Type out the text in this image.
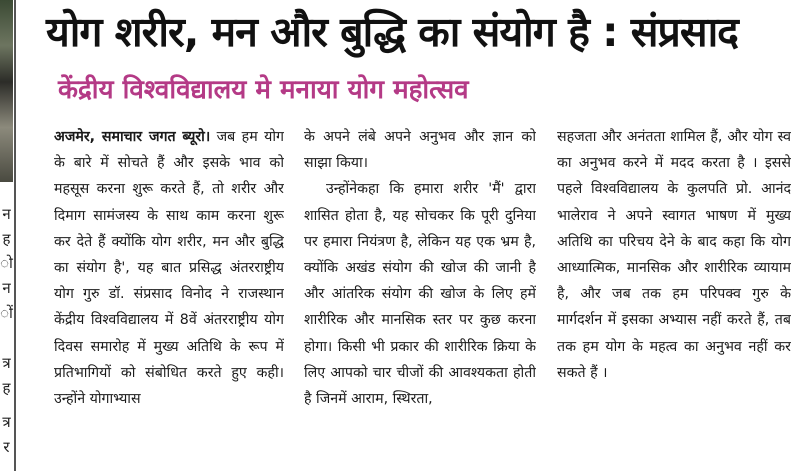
न
ह
ो
न
ों
त्र
ह
त्र
र
योग शरीर, मन और बुद्धि का संयोग है : संप्रसाद
केंद्रीय विश्वविद्यालय मे मनाया योग महोत्सव

अजमेर, समाचार जगत ब्यूरो। जब हम योग के बारे में सोचते हैं और इसके भाव को महसूस करना शुरू करते हैं, तो शरीर और दिमाग सामंजस्य के साथ काम करना शुरू कर देते हैं क्योंकि योग शरीर, मन और बुद्धि का संयोग है', यह बात प्रसिद्ध अंतरराष्ट्रीय योग गुरु डॉ. संप्रसाद विनोद ने राजस्थान केंद्रीय विश्वविद्यालय में 8वें अंतरराष्ट्रीय योग दिवस समारोह में मुख्य अतिथि के रूप में प्रतिभागियों को संबोधित करते हुए कही। उन्होंने योगाभ्यास

के अपने लंबे अपने अनुभव और ज्ञान को साझा किया।

उन्होंनेकहा कि हमारा शरीर 'मैं' द्वारा शासित होता है, यह सोचकर कि पूरी दुनिया पर हमारा नियंत्रण है, लेकिन यह एक भ्रम है, क्योंकि अखंड संयोग की खोज की जानी है और आंतरिक संयोग की खोज के लिए हमें शारीरिक और मानसिक स्तर पर कुछ करना होगा। किसी भी प्रकार की शारीरिक क्रिया के लिए आपको चार चीजों की आवश्यकता होती है जिनमें आराम, स्थिरता,

सहजता और अनंतता शामिल हैं, और योग स्व का अनुभव करने में मदद करता है । इससे पहले विश्वविद्यालय के कुलपति प्रो. आनंद भालेराव ने अपने स्वागत भाषण में मुख्य अतिथि का परिचय देने के बाद कहा कि योग आध्यात्मिक, मानसिक और शारीरिक व्यायाम है, और जब तक हम परिपक्व गुरु के मार्गदर्शन में इसका अभ्यास नहीं करते हैं, तब तक हम योग के महत्व का अनुभव नहीं कर सकते हैं ।
